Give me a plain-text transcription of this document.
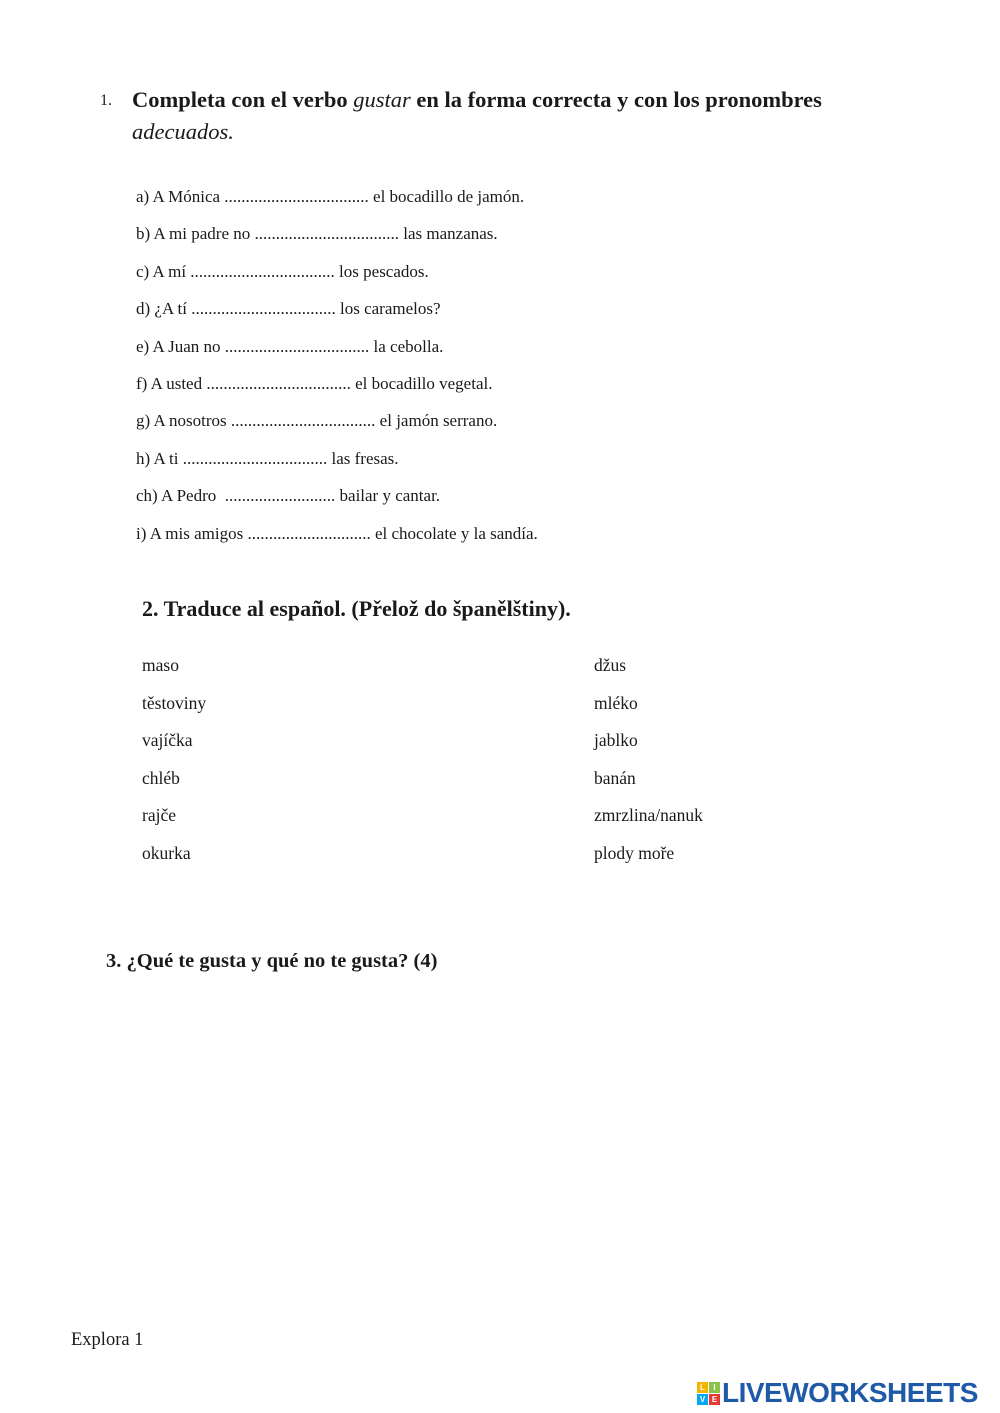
1. Completa con el verbo gustar en la forma correcta y con los pronombres adecuados.
a) A Mónica .................................. el bocadillo de jamón.
b) A mi padre no .................................. las manzanas.
c) A mí .................................. los pescados.
d) ¿A tí .................................. los caramelos?
e) A Juan no .................................. la cebolla.
f) A usted .................................. el bocadillo vegetal.
g) A nosotros .................................. el jamón serrano.
h) A ti .................................. las fresas.
ch) A Pedro  .......................... bailar y cantar.
i) A mis amigos ............................. el chocolate y la sandía.
2. Traduce al español. (Přelož do španělštiny).
maso
těstoviny
vajíčka
chléb
rajče
okurka
džus
mléko
jablko
banán
zmrzlina/nanuk
plody moře
3. ¿Qué te gusta y qué no te gusta? (4)
Explora 1
L	I
V E LIVEWORKSHEETS
